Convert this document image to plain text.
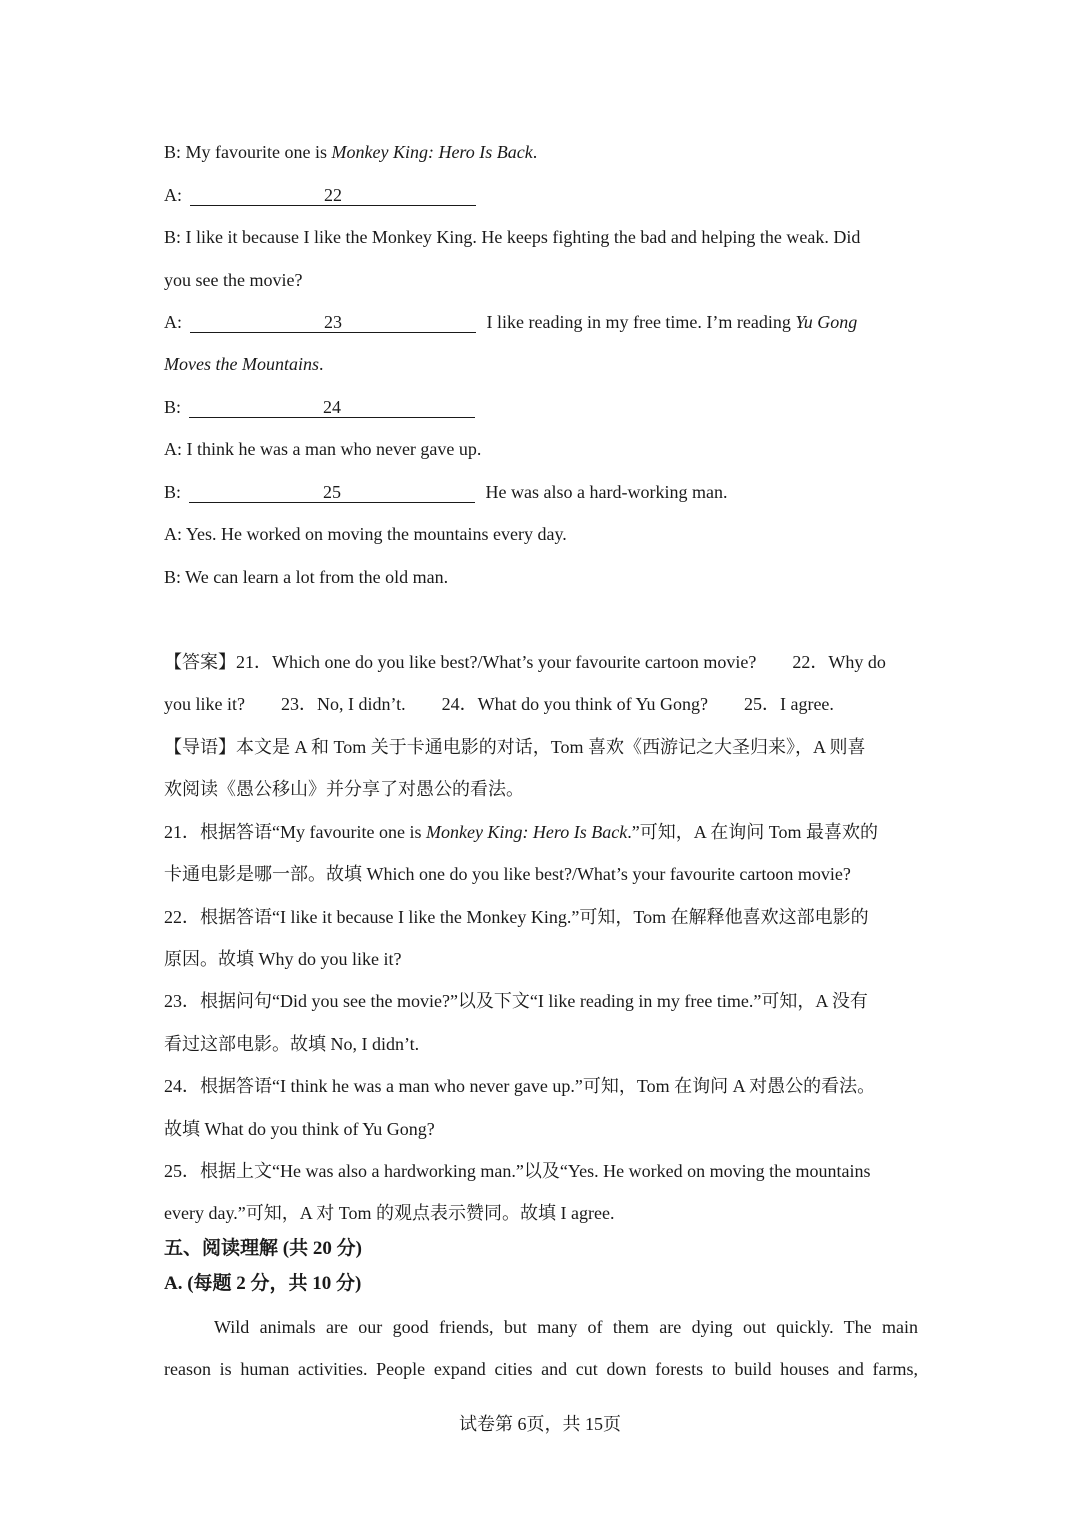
B: My favourite one is Monkey King: Hero Is Back.
A:	22
B: I like it because I like the Monkey King. He keeps fighting the bad and helping the weak. Did
you see the movie?
A:	23	I like reading in my free time. I’m reading Yu Gong
Moves the Mountains.
B:	24
A: I think he was a man who never gave up.
B:	25	He was also a hard-working man.
A: Yes. He worked on moving the mountains every day.
B: We can learn a lot from the old man.
【答案】21．Which one do you like best?/What’s your favourite cartoon movie? 22．Why do
you like it? 23．No, I didn’t. 24．What do you think of Yu Gong? 25．I agree.
【导语】本文是 A 和 Tom 关于卡通电影的对话，Tom 喜欢《西游记之大圣归来》，A 则喜
欢阅读《愚公移山》并分享了对愚公的看法。
21．根据答语“My favourite one is Monkey King: Hero Is Back.”可知，A 在询问 Tom 最喜欢的
卡通电影是哪一部。故填 Which one do you like best?/What’s your favourite cartoon movie?
22．根据答语“I like it because I like the Monkey King.”可知，Tom 在解释他喜欢这部电影的
原因。故填 Why do you like it?
23．根据问句“Did you see the movie?”以及下文“I like reading in my free time.”可知，A 没有
看过这部电影。故填 No, I didn’t.
24．根据答语“I think he was a man who never gave up.”可知，Tom 在询问 A 对愚公的看法。
故填 What do you think of Yu Gong?
25．根据上文“He was also a hardworking man.”以及“Yes. He worked on moving the mountains
every day.”可知，A 对 Tom 的观点表示赞同。故填 I agree.
五、阅读理解 (共 20 分)
A. (每题 2 分，共 10 分)
Wild animals are our good friends, but many of them are dying out quickly. The main
reason is human activities. People expand cities and cut down forests to build houses and farms,
试卷第 6页，共 15页
